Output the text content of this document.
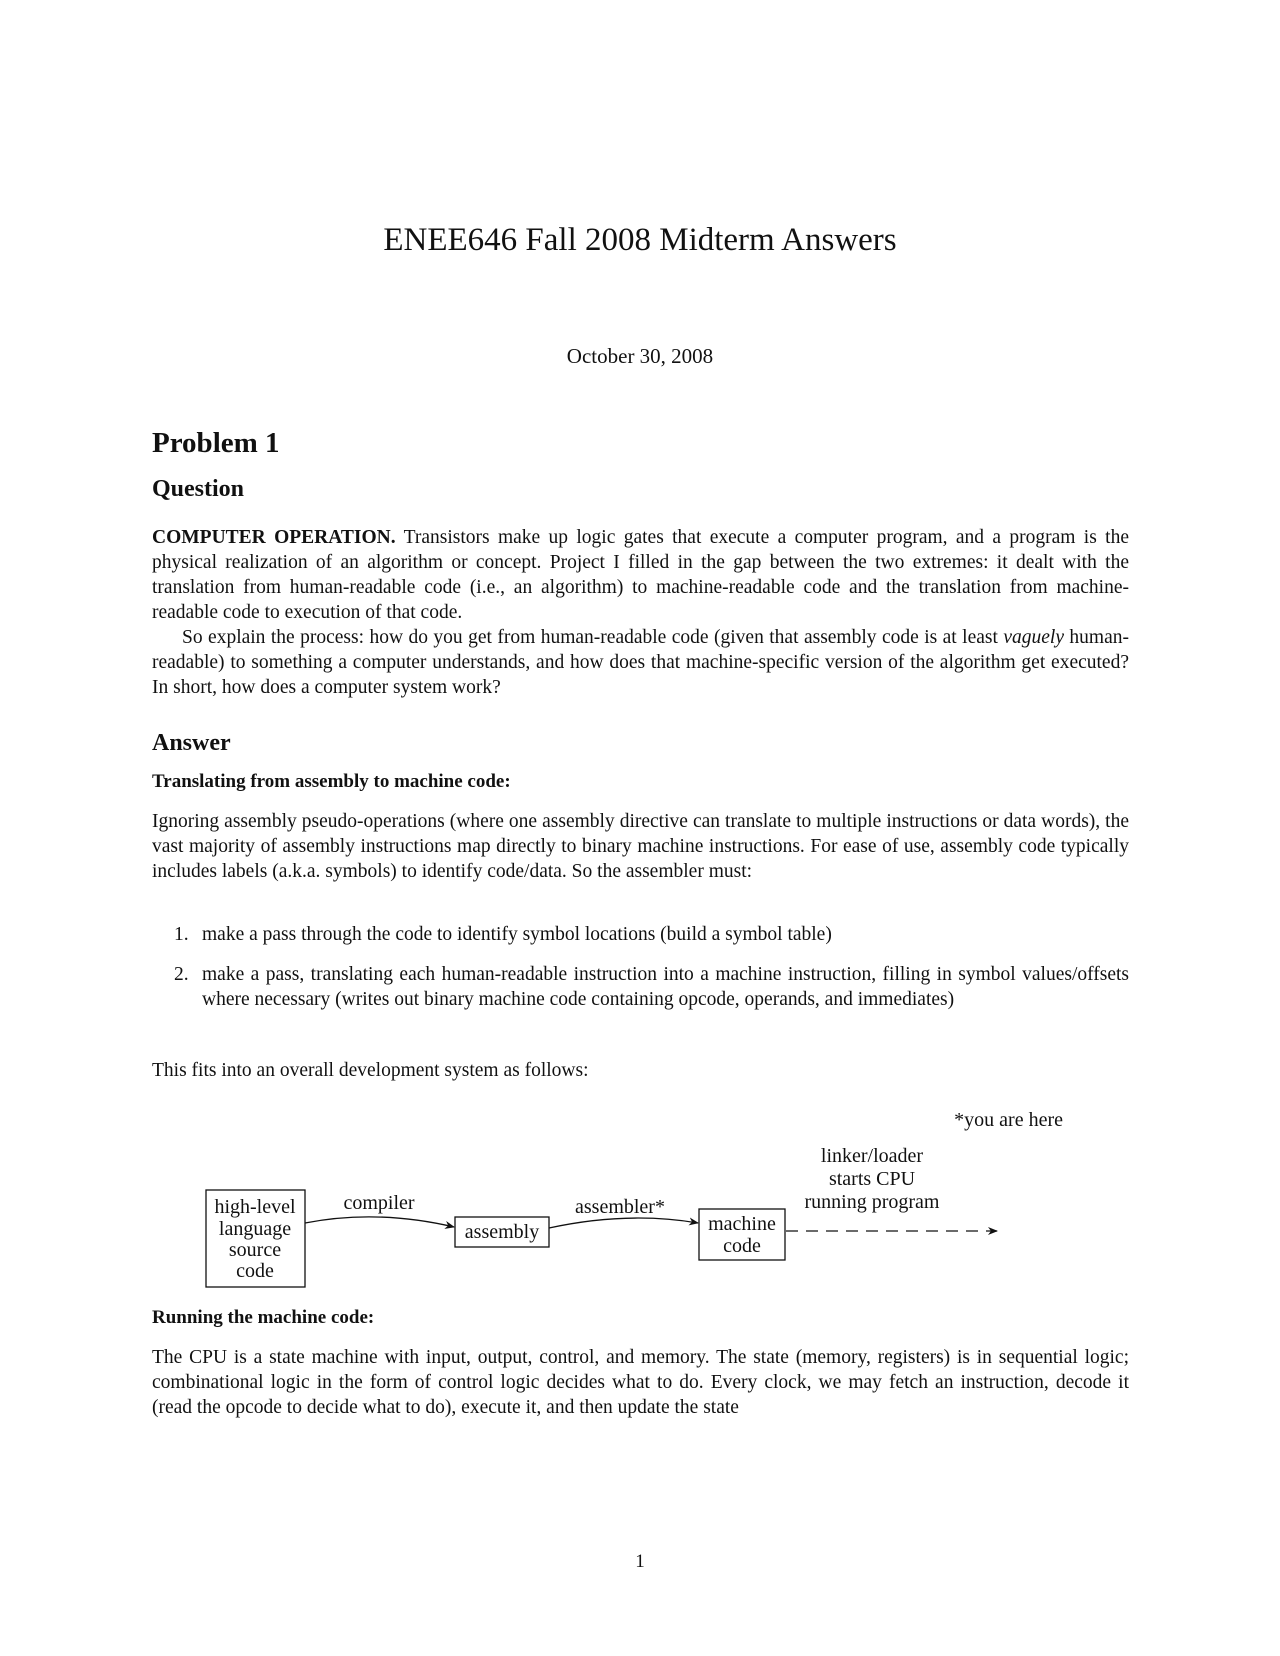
ENEE646 Fall 2008 Midterm Answers
October 30, 2008
Problem 1
Question

COMPUTER OPERATION. Transistors make up logic gates that execute a computer program, and a program is the physical realization of an algorithm or concept. Project I filled in the gap between the two extremes: it dealt with the translation from human-readable code (i.e., an algorithm) to machine-readable code and the translation from machine-readable code to execution of that code.

So explain the process: how do you get from human-readable code (given that assembly code is at least vaguely human-readable) to something a computer understands, and how does that machine-specific version of the algorithm get executed? In short, how does a computer system work?

Answer
Translating from assembly to machine code:

Ignoring assembly pseudo-operations (where one assembly directive can translate to multiple instructions or data words), the vast majority of assembly instructions map directly to binary machine instructions. For ease of use, assembly code typically includes labels (a.k.a. symbols) to identify code/data. So the assembler must:

1. make a pass through the code to identify symbol locations (build a symbol table)
2. make a pass, translating each human-readable instruction into a machine instruction, filling in symbol values/offsets where necessary (writes out binary machine code containing opcode, operands, and immediates)

This fits into an overall development system as follows:

*you are here
high-level
language
source
code
compiler
assembly
assembler*
machine
code
linker/loader
starts CPU
running program
Running the machine code:

The CPU is a state machine with input, output, control, and memory. The state (memory, registers) is in sequential logic; combinational logic in the form of control logic decides what to do. Every clock, we may fetch an instruction, decode it (read the opcode to decide what to do), execute it, and then update the state

1
